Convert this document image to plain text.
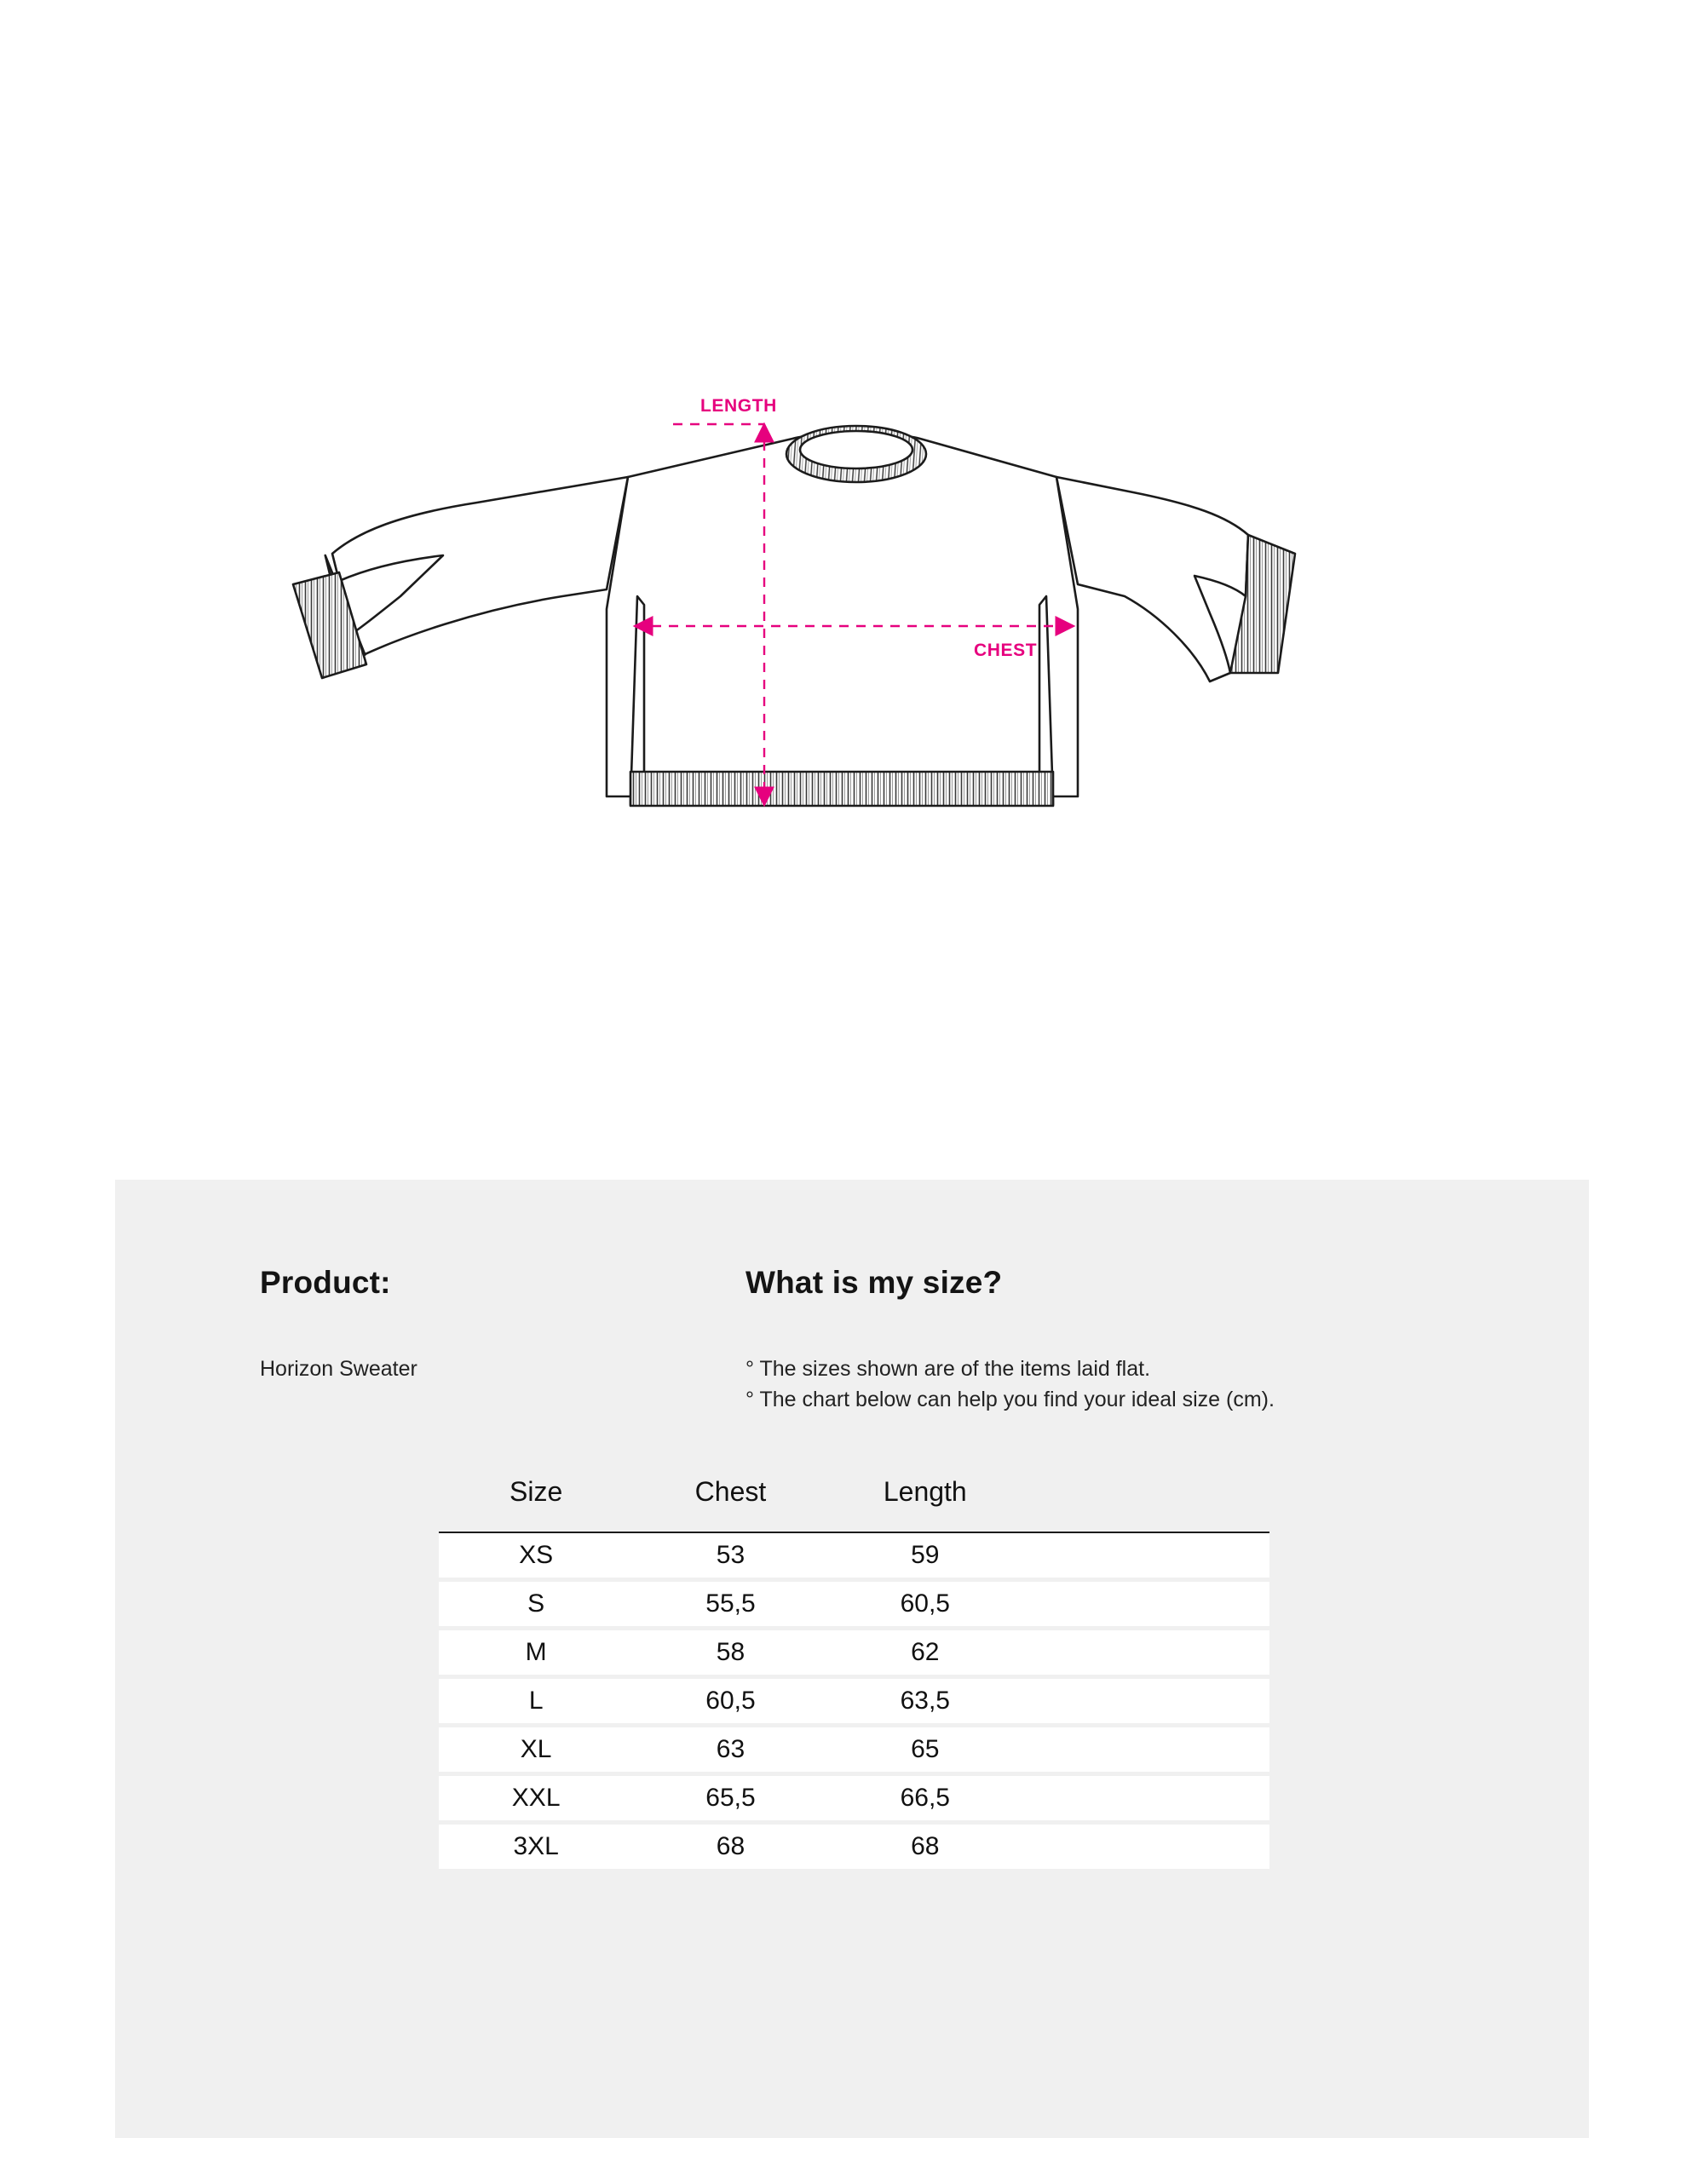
LENGTH
CHEST
Product:

Horizon Sweater

What is my size?

° The sizes shown are of the items laid flat.

° The chart below can help you find your ideal size (cm).

Size	Chest	Length	
XS	53	59	
S	55,5	60,5	
M	58	62	
L	60,5	63,5	
XL	63	65	
XXL	65,5	66,5	
3XL	68	68	
